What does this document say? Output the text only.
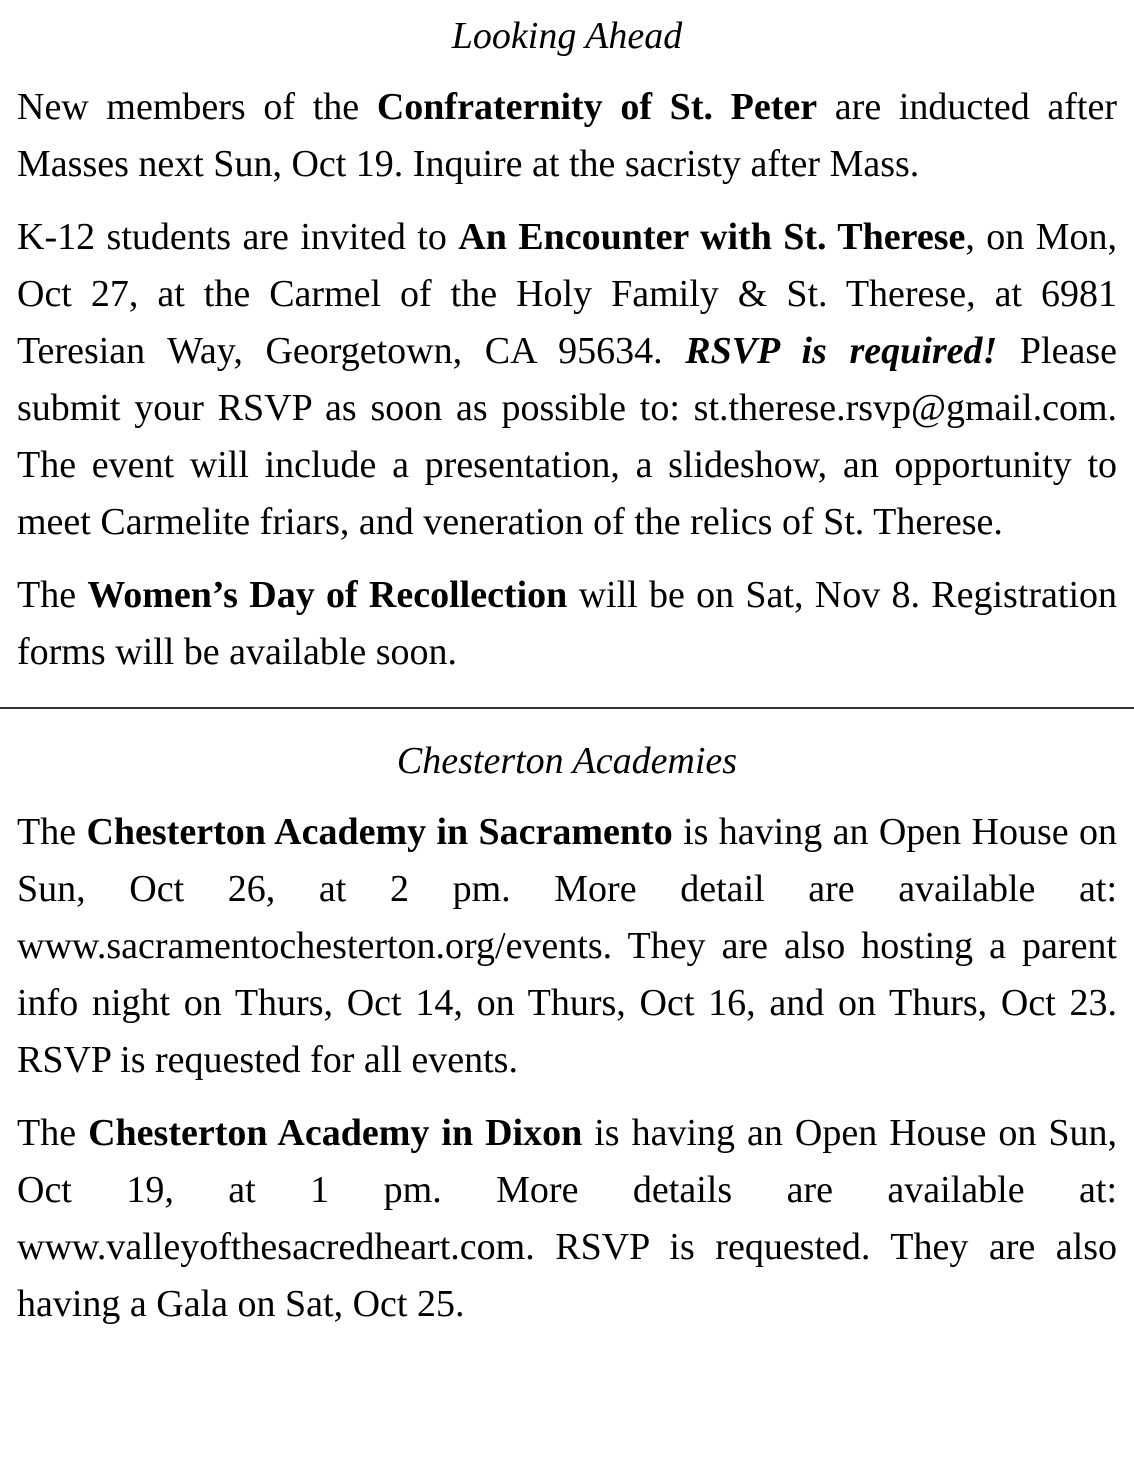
Looking Ahead

New members of the Confraternity of St. Peter are inducted after Masses next Sun, Oct 19. Inquire at the sacristy after Mass.

K-12 students are invited to An Encounter with St. Therese, on Mon, Oct 27, at the Carmel of the Holy Family & St. Therese, at 6981 Teresian Way, Georgetown, CA 95634. RSVP is required! Please submit your RSVP as soon as possible to: st.therese.rsvp@gmail.com. The event will include a presentation, a slideshow, an opportunity to meet Carmelite friars, and veneration of the relics of St. Therese.

The Women’s Day of Recollection will be on Sat, Nov 8. Registration forms will be available soon.

Chesterton Academies

The Chesterton Academy in Sacramento is having an Open House on Sun, Oct 26, at 2 pm. More detail are available at: www.sacramentochesterton.org/events. They are also hosting a parent info night on Thurs, Oct 14, on Thurs, Oct 16, and on Thurs, Oct 23. RSVP is requested for all events.

The Chesterton Academy in Dixon is having an Open House on Sun, Oct 19, at 1 pm. More details are available at: www.valleyofthesacredheart.com. RSVP is requested. They are also having a Gala on Sat, Oct 25.
